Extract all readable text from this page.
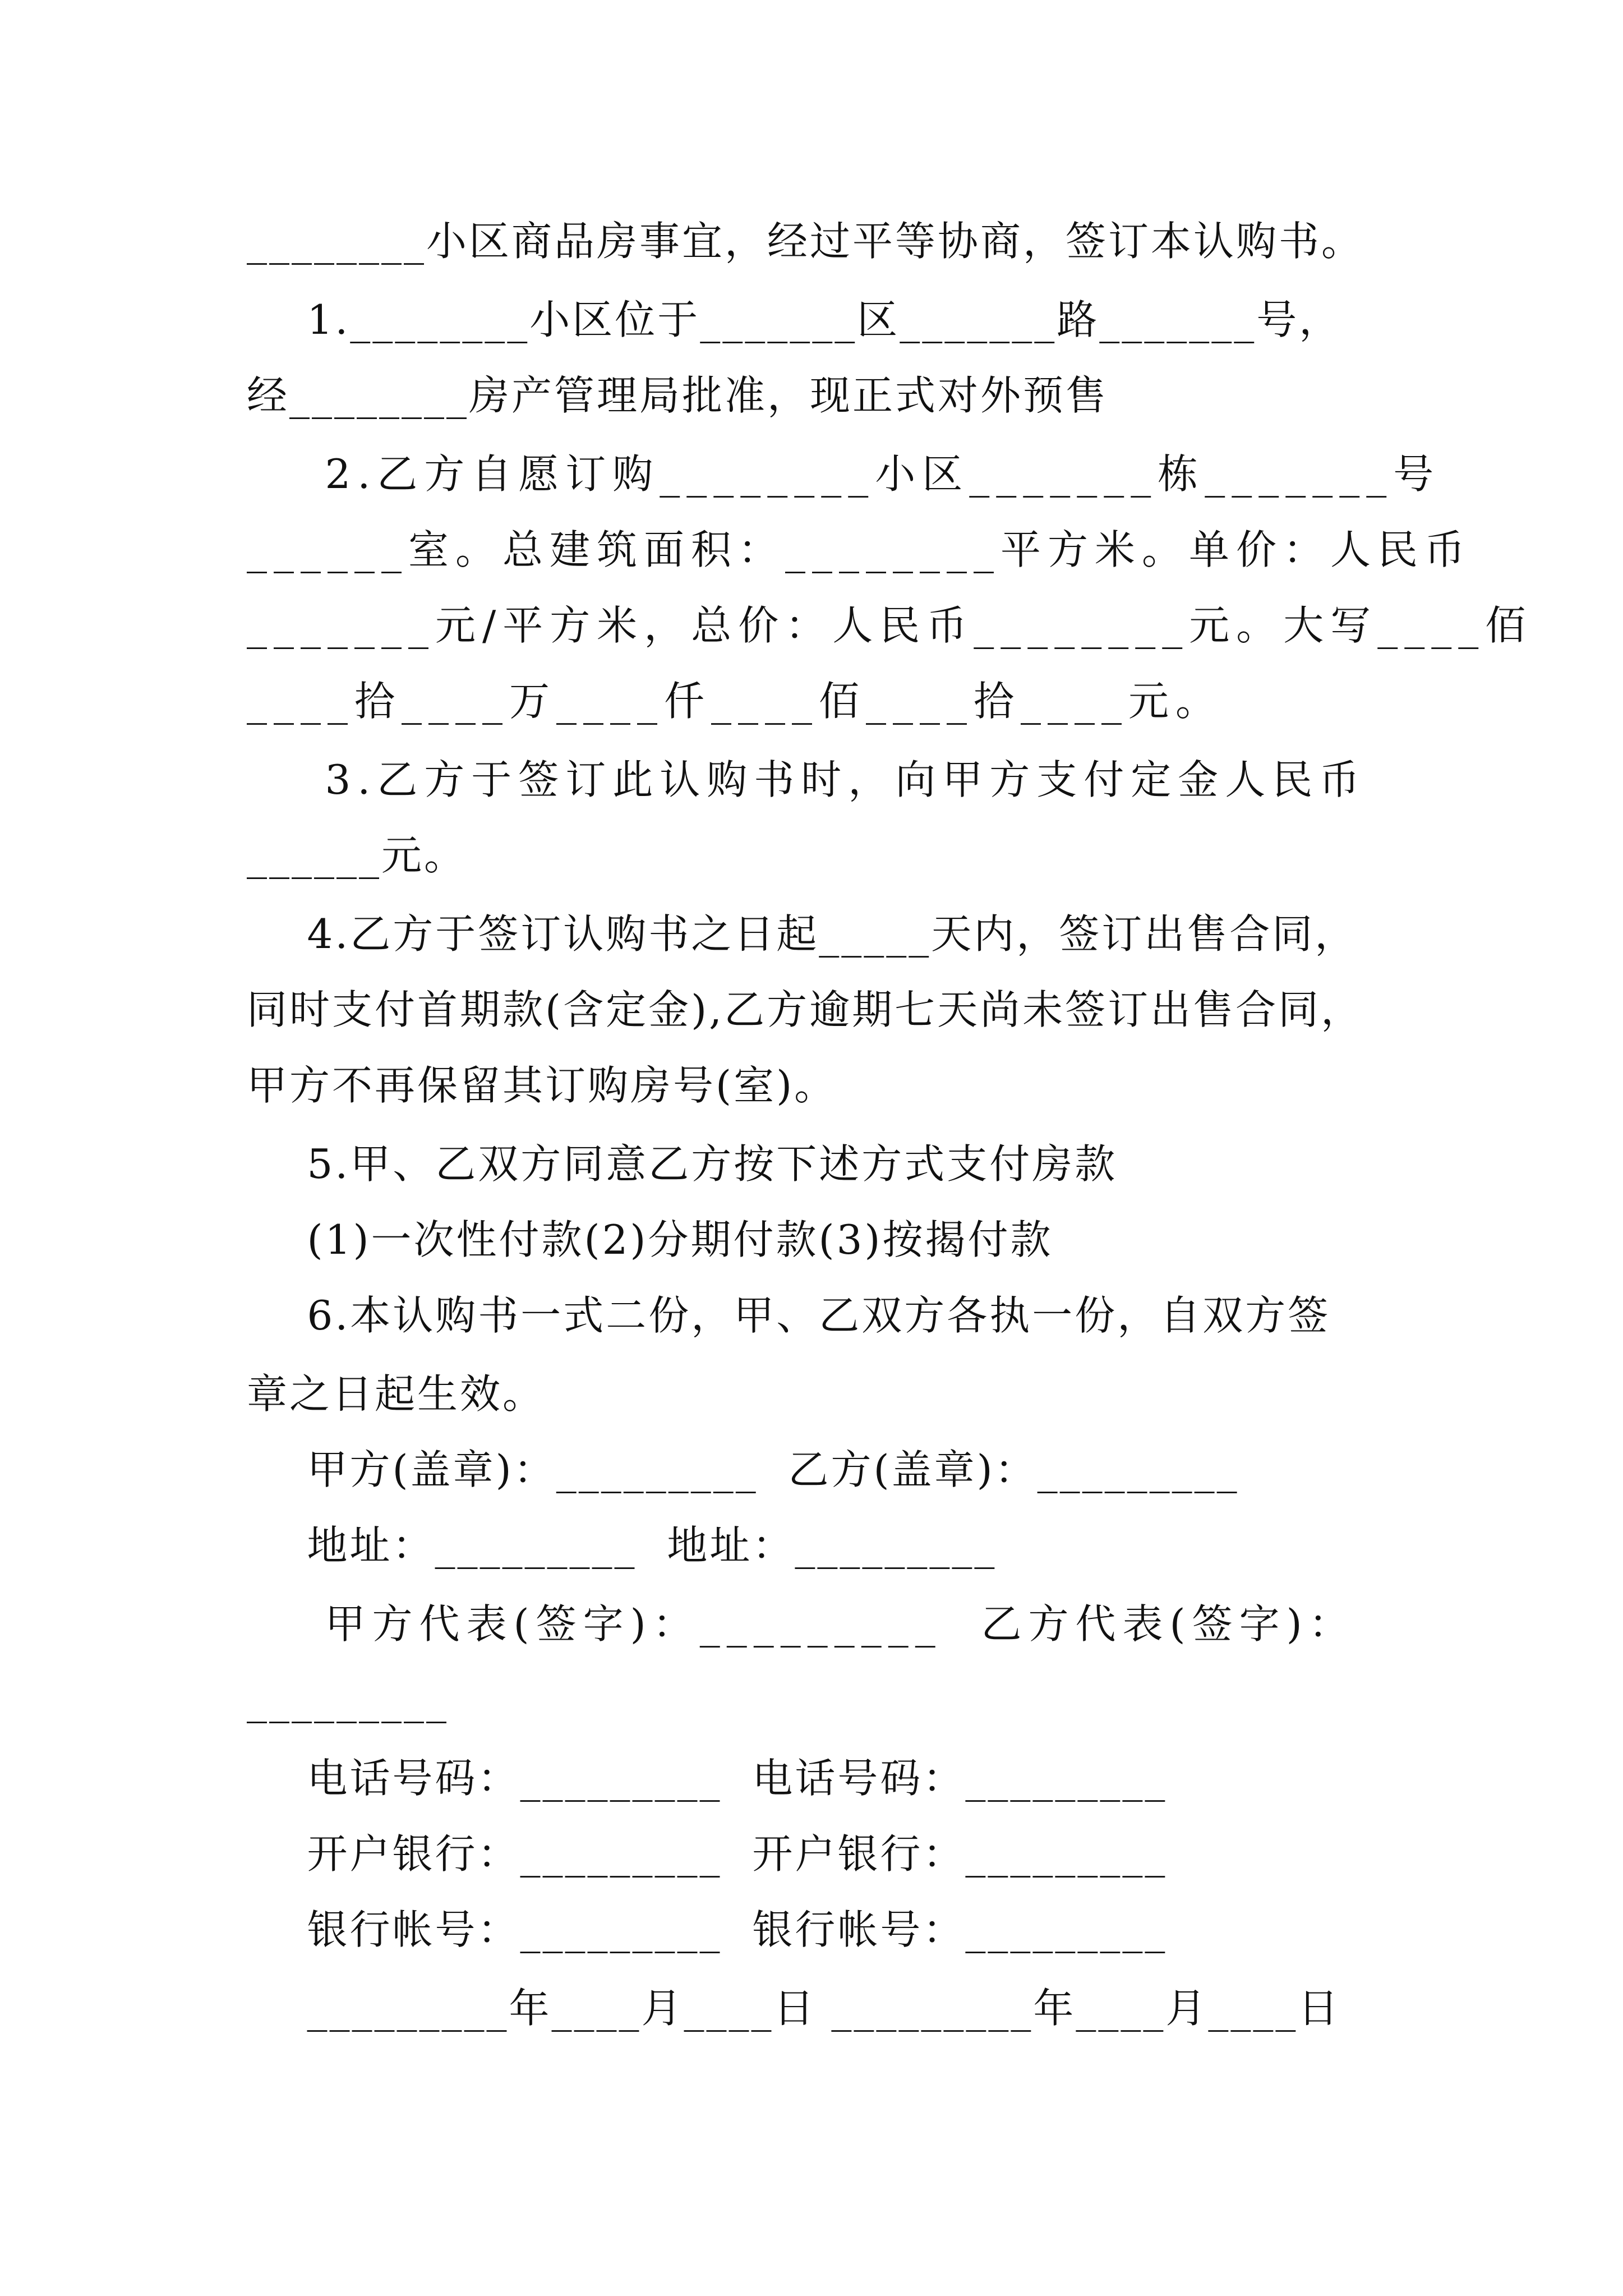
________小区商品房事宜，经过平等协商，签订本认购书。
1.________小区位于_______区_______路_______号，
经________房产管理局批准，现正式对外预售
2.乙方自愿订购________小区_______栋_______号
______室。总建筑面积：________平方米。单价：人民币
_______元/平方米，总价：人民币________元。大写____佰
____拾____万____仟____佰____拾____元。
3.乙方于签订此认购书时，向甲方支付定金人民币
______元。
4.乙方于签订认购书之日起_____天内，签订出售合同，
同时支付首期款(含定金),乙方逾期七天尚未签订出售合同，
甲方不再保留其订购房号(室)。
5.甲、乙双方同意乙方按下述方式支付房款
(1)一次性付款(2)分期付款(3)按揭付款
6.本认购书一式二份，甲、乙双方各执一份，自双方签
章之日起生效。
甲方(盖章)：_________  乙方(盖章)：_________
地址：_________  地址：_________
甲方代表(签字)：_________  乙方代表(签字)：
_________
电话号码：_________  电话号码：_________
开户银行：_________  开户银行：_________
银行帐号：_________  银行帐号：_________
_________年____月____日 _________年____月____日
